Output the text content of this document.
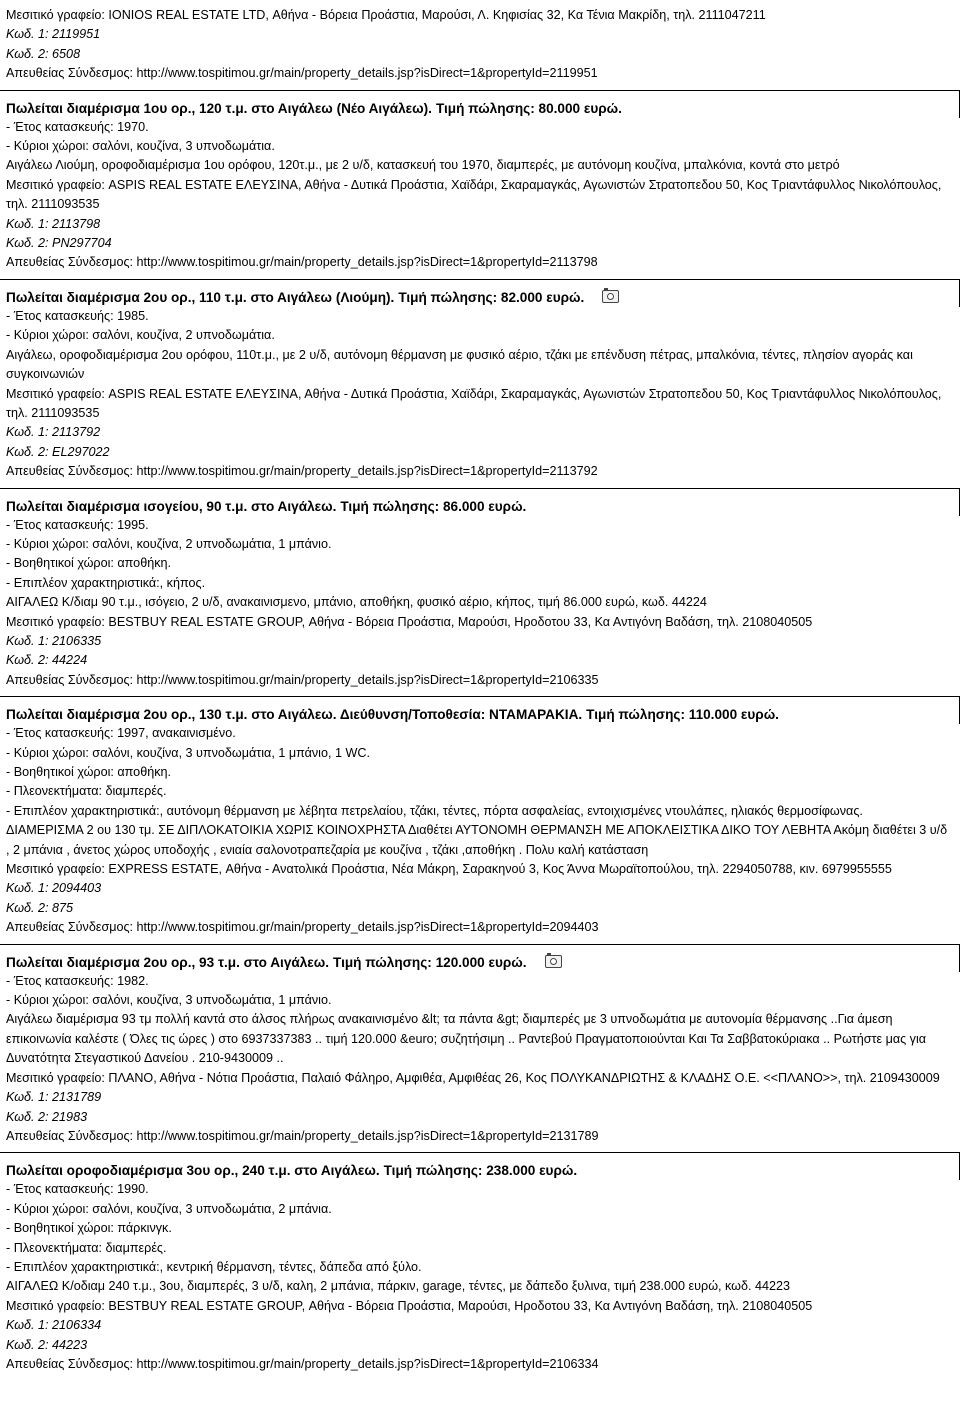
Μεσιτικό γραφείο: IONIOS REAL ESTATE LTD, Αθήνα - Βόρεια Προάστια, Μαρούσι, Λ. Κηφισίας 32, Κα Τένια Μακρίδη, τηλ. 2111047211
Κωδ. 1: 2119951
Κωδ. 2: 6508
Απευθείας Σύνδεσμος: http://www.tospitimou.gr/main/property_details.jsp?isDirect=1&propertyId=2119951
Πωλείται διαμέρισμα 1ου ορ., 120 τ.μ. στο Αιγάλεω (Νέο Αιγάλεω). Τιμή πώλησης: 80.000 ευρώ.
- Έτος κατασκευής: 1970.
- Κύριοι χώροι: σαλόνι, κουζίνα, 3 υπνοδωμάτια.
Αιγάλεω Λιούμη, οροφοδιαμέρισμα 1ου ορόφου, 120τ.μ., με 2 υ/δ, κατασκευή του 1970, διαμπερές, με αυτόνομη κουζίνα, μπαλκόνια, κοντά στο μετρό
Μεσιτικό γραφείο: ASPIS REAL ESTATE ΕΛΕΥΣΙΝΑ, Αθήνα - Δυτικά Προάστια, Χαϊδάρι, Σκαραμαγκάς, Αγωνιστών Στρατοπεδου 50, Κος Τριαντάφυλλος Νικολόπουλος, τηλ. 2111093535
Κωδ. 1: 2113798
Κωδ. 2: PN297704
Απευθείας Σύνδεσμος: http://www.tospitimou.gr/main/property_details.jsp?isDirect=1&propertyId=2113798
Πωλείται διαμέρισμα 2ου ορ., 110 τ.μ. στο Αιγάλεω (Λιούμη). Τιμή πώλησης: 82.000 ευρώ.
- Έτος κατασκευής: 1985.
- Κύριοι χώροι: σαλόνι, κουζίνα, 2 υπνοδωμάτια.
Αιγάλεω, οροφοδιαμέρισμα 2ου ορόφου, 110τ.μ., με 2 υ/δ, αυτόνομη θέρμανση με φυσικό αέριο, τζάκι με επένδυση πέτρας, μπαλκόνια, τέντες, πλησίον αγοράς και συγκοινωνιών
Μεσιτικό γραφείο: ASPIS REAL ESTATE ΕΛΕΥΣΙΝΑ, Αθήνα - Δυτικά Προάστια, Χαϊδάρι, Σκαραμαγκάς, Αγωνιστών Στρατοπεδου 50, Κος Τριαντάφυλλος Νικολόπουλος, τηλ. 2111093535
Κωδ. 1: 2113792
Κωδ. 2: EL297022
Απευθείας Σύνδεσμος: http://www.tospitimou.gr/main/property_details.jsp?isDirect=1&propertyId=2113792
Πωλείται διαμέρισμα ισογείου, 90 τ.μ. στο Αιγάλεω. Τιμή πώλησης: 86.000 ευρώ.
- Έτος κατασκευής: 1995.
- Κύριοι χώροι: σαλόνι, κουζίνα, 2 υπνοδωμάτια, 1 μπάνιο.
- Βοηθητικοί χώροι: αποθήκη.
- Επιπλέον χαρακτηριστικά:, κήπος.
ΑΙΓΑΛΕΩ Κ/διαμ 90 τ.μ., ισόγειο, 2 υ/δ, ανακαινισμενο, μπάνιο, αποθήκη, φυσικό αέριο, κήπος, τιμή 86.000 ευρώ, κωδ. 44224
Μεσιτικό γραφείο: BESTBUY REAL ESTATE GROUP, Αθήνα - Βόρεια Προάστια, Μαρούσι, Ηροδοτου 33, Κα Αντιγόνη Βαδάση, τηλ. 2108040505
Κωδ. 1: 2106335
Κωδ. 2: 44224
Απευθείας Σύνδεσμος: http://www.tospitimou.gr/main/property_details.jsp?isDirect=1&propertyId=2106335
Πωλείται διαμέρισμα 2ου ορ., 130 τ.μ. στο Αιγάλεω. Διεύθυνση/Τοποθεσία: ΝΤΑΜΑΡΑΚΙΑ. Τιμή πώλησης: 110.000 ευρώ.
- Έτος κατασκευής: 1997, ανακαινισμένο.
- Κύριοι χώροι: σαλόνι, κουζίνα, 3 υπνοδωμάτια, 1 μπάνιο, 1 WC.
- Βοηθητικοί χώροι: αποθήκη.
- Πλεονεκτήματα: διαμπερές.
- Επιπλέον χαρακτηριστικά:, αυτόνομη θέρμανση με λέβητα πετρελαίου, τζάκι, τέντες, πόρτα ασφαλείας, εντοιχισμένες ντουλάπες, ηλιακός θερμοσίφωνας.
ΔΙΑΜΕΡΙΣΜΑ 2 ου 130 τμ. ΣΕ ΔΙΠΛΟΚΑΤΟΙΚΙΑ ΧΩΡΙΣ ΚΟΙΝΟΧΡΗΣΤΑ Διαθέτει ΑΥΤΟΝΟΜΗ ΘΕΡΜΑΝΣΗ ΜΕ ΑΠΟΚΛΕΙΣΤΙΚΑ ΔΙΚΟ ΤΟΥ ΛΕΒΗΤΑ Ακόμη διαθέτει 3 υ/δ , 2 μπάνια , άνετος χώρος υποδοχής , ενιαία σαλονοτραπεζαρία με κουζίνα , τζάκι ,αποθήκη . Πολυ καλή κατάσταση
Μεσιτικό γραφείο: EXPRESS ESTATE, Αθήνα - Ανατολικά Προάστια, Νέα Μάκρη, Σαρακηνού 3, Κος Άννα Μωραϊτοπούλου, τηλ. 2294050788, κιν. 6979955555
Κωδ. 1: 2094403
Κωδ. 2: 875
Απευθείας Σύνδεσμος: http://www.tospitimou.gr/main/property_details.jsp?isDirect=1&propertyId=2094403
Πωλείται διαμέρισμα 2ου ορ., 93 τ.μ. στο Αιγάλεω. Τιμή πώλησης: 120.000 ευρώ.
- Έτος κατασκευής: 1982.
- Κύριοι χώροι: σαλόνι, κουζίνα, 3 υπνοδωμάτια, 1 μπάνιο.
Αιγάλεω διαμέρισμα 93 τμ πολλή καντά στο άλσος πλήρως ανακαινισμένο &lt; τα πάντα &gt; διαμπερές με 3 υπνοδωμάτια με αυτονομία θέρμανσης ..Για άμεση επικοινωνία καλέστε ( Όλες τις ώρες ) στο 6937337383 .. τιμή 120.000 &euro; συζητήσιμη .. Ραντεβού Πραγματοποιούνται Και Τα Σαββατοκύριακα .. Ρωτήστε μας για Δυνατότητα Στεγαστικού Δανείου . 210-9430009 ..
Μεσιτικό γραφείο: ΠΛΑΝΟ, Αθήνα - Νότια Προάστια, Παλαιό Φάληρο, Αμφιθέα, Αμφιθέας 26, Κος ΠΟΛΥΚΑΝΔΡΙΩΤΗΣ & ΚΛΑΔΗΣ Ο.Ε. <<ΠΛΑΝΟ>>, τηλ. 2109430009
Κωδ. 1: 2131789
Κωδ. 2: 21983
Απευθείας Σύνδεσμος: http://www.tospitimou.gr/main/property_details.jsp?isDirect=1&propertyId=2131789
Πωλείται οροφοδιαμέρισμα 3ου ορ., 240 τ.μ. στο Αιγάλεω. Τιμή πώλησης: 238.000 ευρώ.
- Έτος κατασκευής: 1990.
- Κύριοι χώροι: σαλόνι, κουζίνα, 3 υπνοδωμάτια, 2 μπάνια.
- Βοηθητικοί χώροι: πάρκινγκ.
- Πλεονεκτήματα: διαμπερές.
- Επιπλέον χαρακτηριστικά:, κεντρική θέρμανση, τέντες, δάπεδα από ξύλο.
ΑΙΓΑΛΕΩ Κ/οδιαμ 240 τ.μ., 3ου, διαμπερές, 3 υ/δ, καλη, 2 μπάνια, πάρκιν, garage, τέντες, με δάπεδο ξυλινα, τιμή 238.000 ευρώ, κωδ. 44223
Μεσιτικό γραφείο: BESTBUY REAL ESTATE GROUP, Αθήνα - Βόρεια Προάστια, Μαρούσι, Ηροδοτου 33, Κα Αντιγόνη Βαδάση, τηλ. 2108040505
Κωδ. 1: 2106334
Κωδ. 2: 44223
Απευθείας Σύνδεσμος: http://www.tospitimou.gr/main/property_details.jsp?isDirect=1&propertyId=2106334
